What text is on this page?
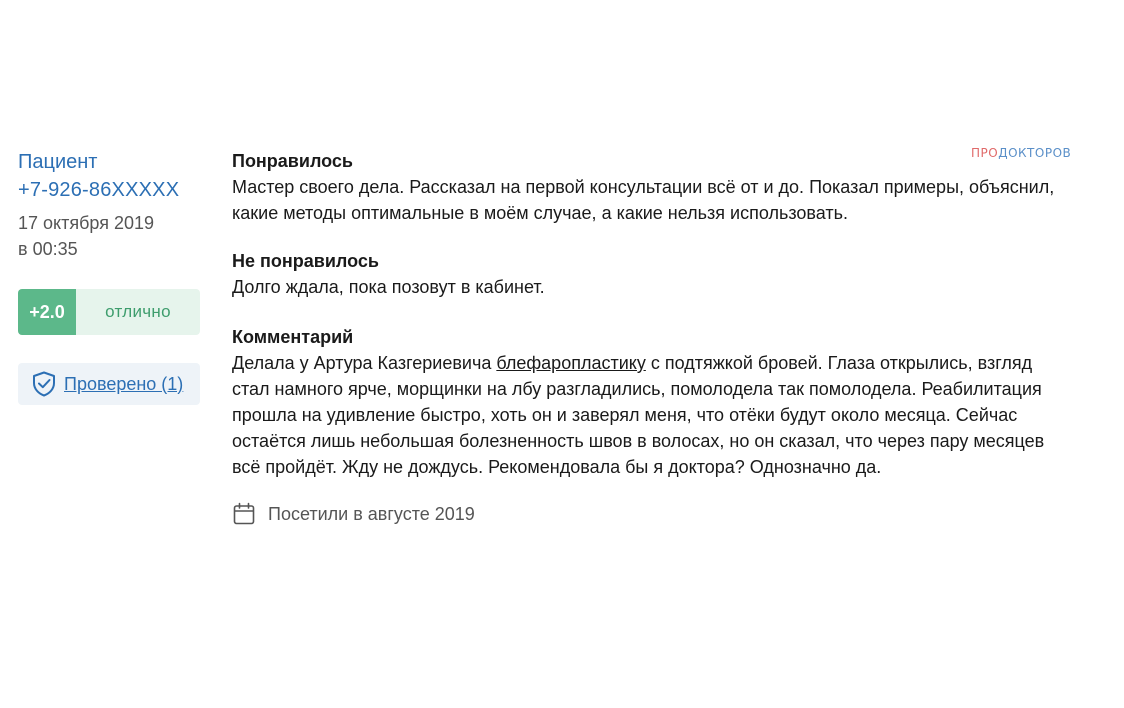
ПРОДОКТОРОВ
Пациент
+7-926-86XXXXX
17 октября 2019
в 00:35
+2.0	отлично
Проверено (1)
Понравилось

Мастер своего дела. Рассказал на первой консультации всё от и до. Показал примеры, объяснил, какие методы оптимальные в моём случае, а какие нельзя использовать.

Не понравилось

Долго ждала, пока позовут в кабинет.

Комментарий

Делала у Артура Казгериевича блефаропластику с подтяжкой бровей. Глаза открылись, взгляд стал намного ярче, морщинки на лбу разгладились, помолодела так помолодела. Реабилитация прошла на удивление быстро, хоть он и заверял меня, что отёки будут около месяца. Сейчас остаётся лишь небольшая болезненность швов в волосах, но он сказал, что через пару месяцев всё пройдёт. Жду не дождусь. Рекомендовала бы я доктора? Однозначно да.

Посетили в августе 2019
